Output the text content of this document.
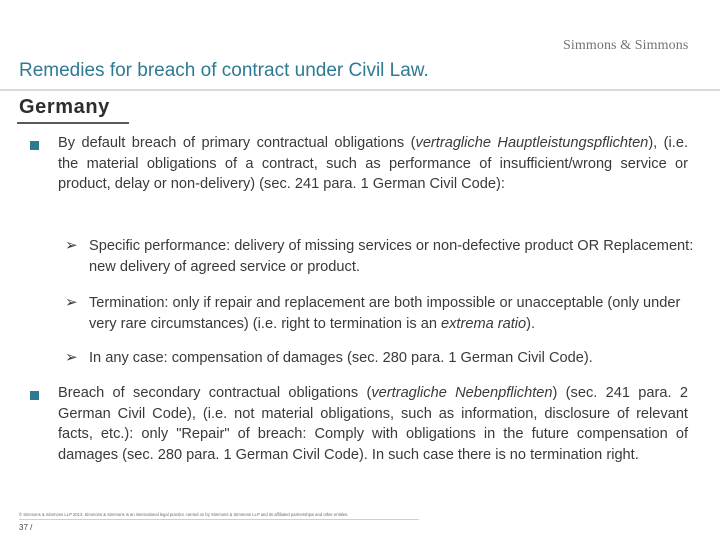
Simmons & Simmons
Remedies for breach of contract under Civil Law.
Germany
By default breach of primary contractual obligations (vertragliche Hauptleistungspflichten), (i.e. the material obligations of a contract, such as performance of insufficient/wrong service or product, delay or non-delivery) (sec. 241 para. 1 German Civil Code):
➢ Specific performance: delivery of missing services or non-defective product OR Replacement: new delivery of agreed service or product.
➢ Termination: only if repair and replacement are both impossible or unacceptable (only under very rare circumstances) (i.e. right to termination is an extrema ratio).
➢ In any case: compensation of damages (sec. 280 para. 1 German Civil Code).
Breach of secondary contractual obligations (vertragliche Nebenpflichten) (sec. 241 para. 2 German Civil Code), (i.e. not material obligations, such as information, disclosure of relevant facts, etc.): only "Repair" of breach: Comply with obligations in the future compensation of damages (sec. 280 para. 1 German Civil Code). In such case there is no termination right.
© Simmons & Simmons LLP 2013. Simmons & Simmons is an international legal practice carried on by Simmons & Simmons LLP and its affiliated partnerships and other entities.
37 /
